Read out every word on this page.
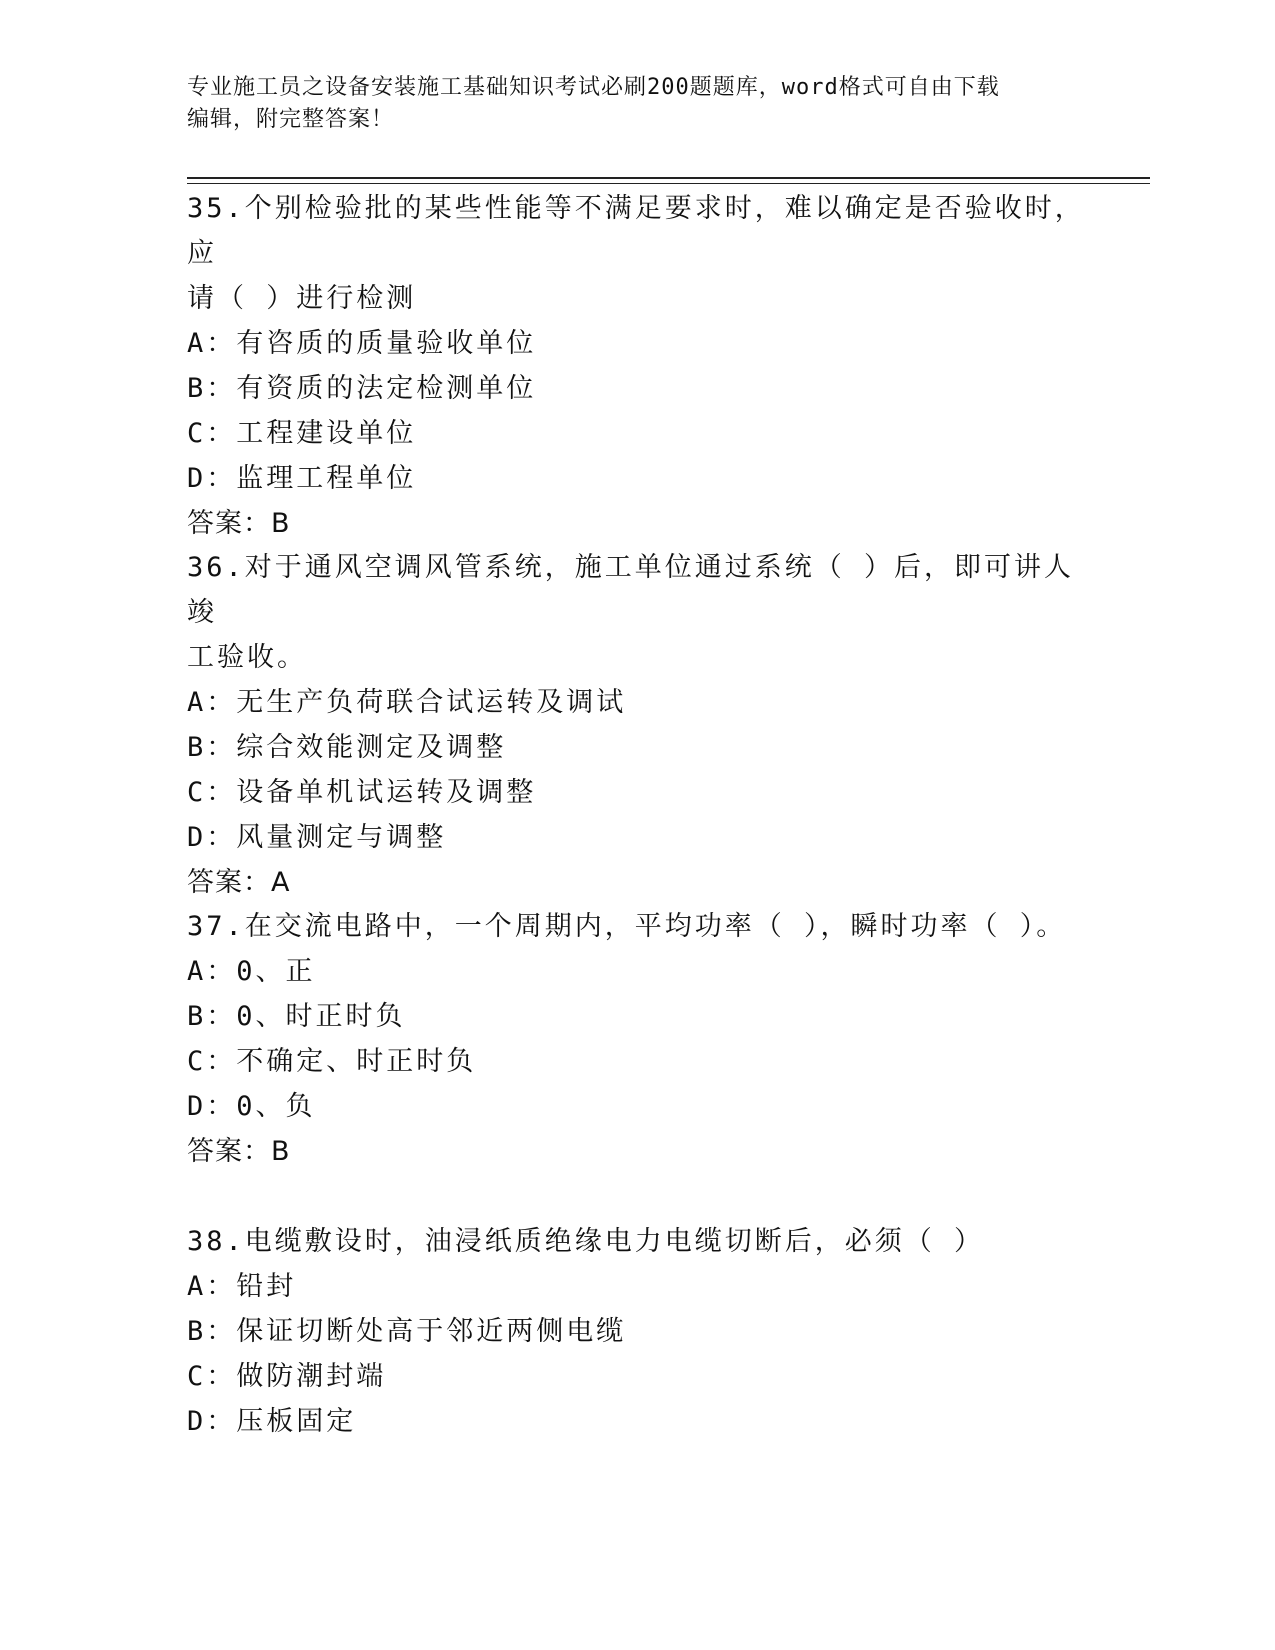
专业施工员之设备安装施工基础知识考试必刷200题题库，word格式可自由下载
编辑，附完整答案！

35.个别检验批的某些性能等不满足要求时，难以确定是否验收时，应

请（ ）进行检测

A：有咨质的质量验收单位

B：有资质的法定检测单位

C：工程建设单位

D：监理工程单位

答案：B

36.对于通风空调风管系统，施工单位通过系统（ ）后，即可讲人竣

工验收。

A：无生产负荷联合试运转及调试

B：综合效能测定及调整

C：设备单机试运转及调整

D：风量测定与调整

答案：A

37.在交流电路中，一个周期内，平均功率（ ），瞬时功率（ ）。

A：0、正

B：0、时正时负

C：不确定、时正时负

D：0、负

答案：B

38.电缆敷设时，油浸纸质绝缘电力电缆切断后，必须（ ）

A：铅封

B：保证切断处高于邻近两侧电缆

C：做防潮封端

D：压板固定
